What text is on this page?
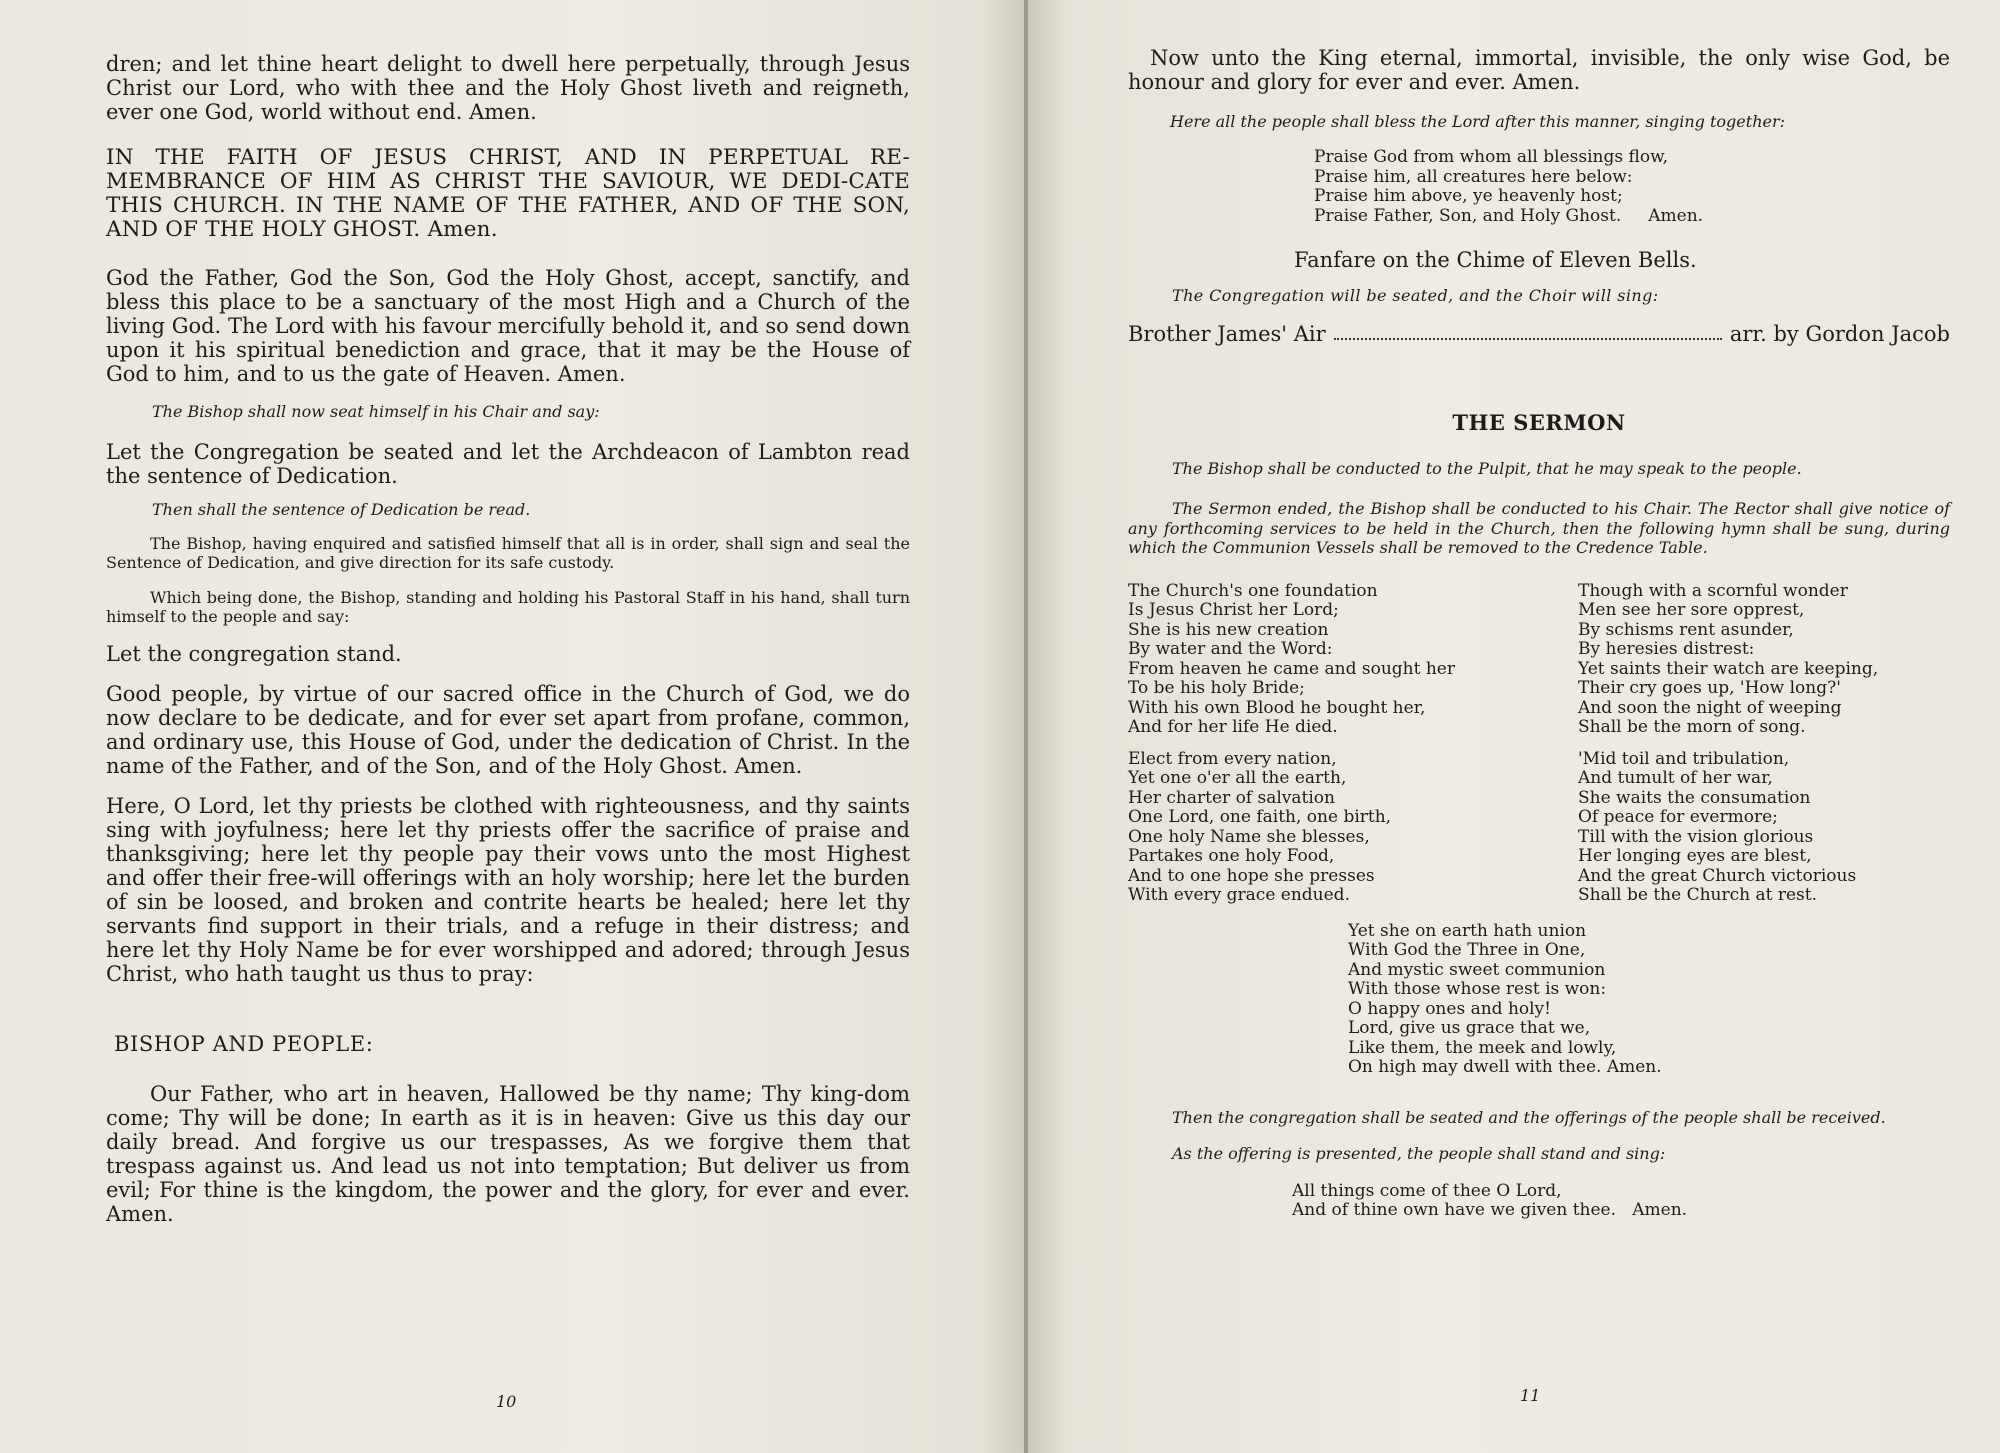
dren; and let thine heart delight to dwell here perpetually, through Jesus Christ our Lord, who with thee and the Holy Ghost liveth and reigneth, ever one God, world without end. Amen.

IN THE FAITH OF JESUS CHRIST, AND IN PERPETUAL RE-MEMBRANCE OF HIM AS CHRIST THE SAVIOUR, WE DEDI-CATE THIS CHURCH. IN THE NAME OF THE FATHER, AND OF THE SON, AND OF THE HOLY GHOST. Amen.

God the Father, God the Son, God the Holy Ghost, accept, sanctify, and bless this place to be a sanctuary of the most High and a Church of the living God. The Lord with his favour mercifully behold it, and so send down upon it his spiritual benediction and grace, that it may be the House of God to him, and to us the gate of Heaven. Amen.

The Bishop shall now seat himself in his Chair and say:

Let the Congregation be seated and let the Archdeacon of Lambton read the sentence of Dedication.

Then shall the sentence of Dedication be read.

The Bishop, having enquired and satisfied himself that all is in order, shall sign and seal the Sentence of Dedication, and give direction for its safe custody.

Which being done, the Bishop, standing and holding his Pastoral Staff in his hand, shall turn himself to the people and say:

Let the congregation stand.

Good people, by virtue of our sacred office in the Church of God, we do now declare to be dedicate, and for ever set apart from profane, common, and ordinary use, this House of God, under the dedication of Christ. In the name of the Father, and of the Son, and of the Holy Ghost. Amen.

Here, O Lord, let thy priests be clothed with righteousness, and thy saints sing with joyfulness; here let thy priests offer the sacrifice of praise and thanksgiving; here let thy people pay their vows unto the most Highest and offer their free-will offerings with an holy worship; here let the burden of sin be loosed, and broken and contrite hearts be healed; here let thy servants find support in their trials, and a refuge in their distress; and here let thy Holy Name be for ever worshipped and adored; through Jesus Christ, who hath taught us thus to pray:

BISHOP AND PEOPLE:

Our Father, who art in heaven, Hallowed be thy name; Thy king-dom come; Thy will be done; In earth as it is in heaven: Give us this day our daily bread. And forgive us our trespasses, As we forgive them that trespass against us. And lead us not into temptation; But deliver us from evil; For thine is the kingdom, the power and the glory, for ever and ever. Amen.

10

Now unto the King eternal, immortal, invisible, the only wise God, be honour and glory for ever and ever. Amen.

Here all the people shall bless the Lord after this manner, singing together:

Praise God from whom all blessings flow,
Praise him, all creatures here below:
Praise him above, ye heavenly host;
Praise Father, Son, and Holy Ghost.     Amen.

Fanfare on the Chime of Eleven Bells.

The Congregation will be seated, and the Choir will sing:

Brother James' Air	arr. by Gordon Jacob

THE SERMON

The Bishop shall be conducted to the Pulpit, that he may speak to the people.

The Sermon ended, the Bishop shall be conducted to his Chair. The Rector shall give notice of any forthcoming services to be held in the Church, then the following hymn shall be sung, during which the Communion Vessels shall be removed to the Credence Table.

The Church's one foundation
Is Jesus Christ her Lord;
She is his new creation
By water and the Word:
From heaven he came and sought her
To be his holy Bride;
With his own Blood he bought her,
And for her life He died.

Elect from every nation,
Yet one o'er all the earth,
Her charter of salvation
One Lord, one faith, one birth,
One holy Name she blesses,
Partakes one holy Food,
And to one hope she presses
With every grace endued.

Though with a scornful wonder
Men see her sore opprest,
By schisms rent asunder,
By heresies distrest:
Yet saints their watch are keeping,
Their cry goes up, 'How long?'
And soon the night of weeping
Shall be the morn of song.

'Mid toil and tribulation,
And tumult of her war,
She waits the consumation
Of peace for evermore;
Till with the vision glorious
Her longing eyes are blest,
And the great Church victorious
Shall be the Church at rest.

Yet she on earth hath union
With God the Three in One,
And mystic sweet communion
With those whose rest is won:
O happy ones and holy!
Lord, give us grace that we,
Like them, the meek and lowly,
On high may dwell with thee. Amen.

Then the congregation shall be seated and the offerings of the people shall be received.

As the offering is presented, the people shall stand and sing:

All things come of thee O Lord,
And of thine own have we given thee.   Amen.

11
